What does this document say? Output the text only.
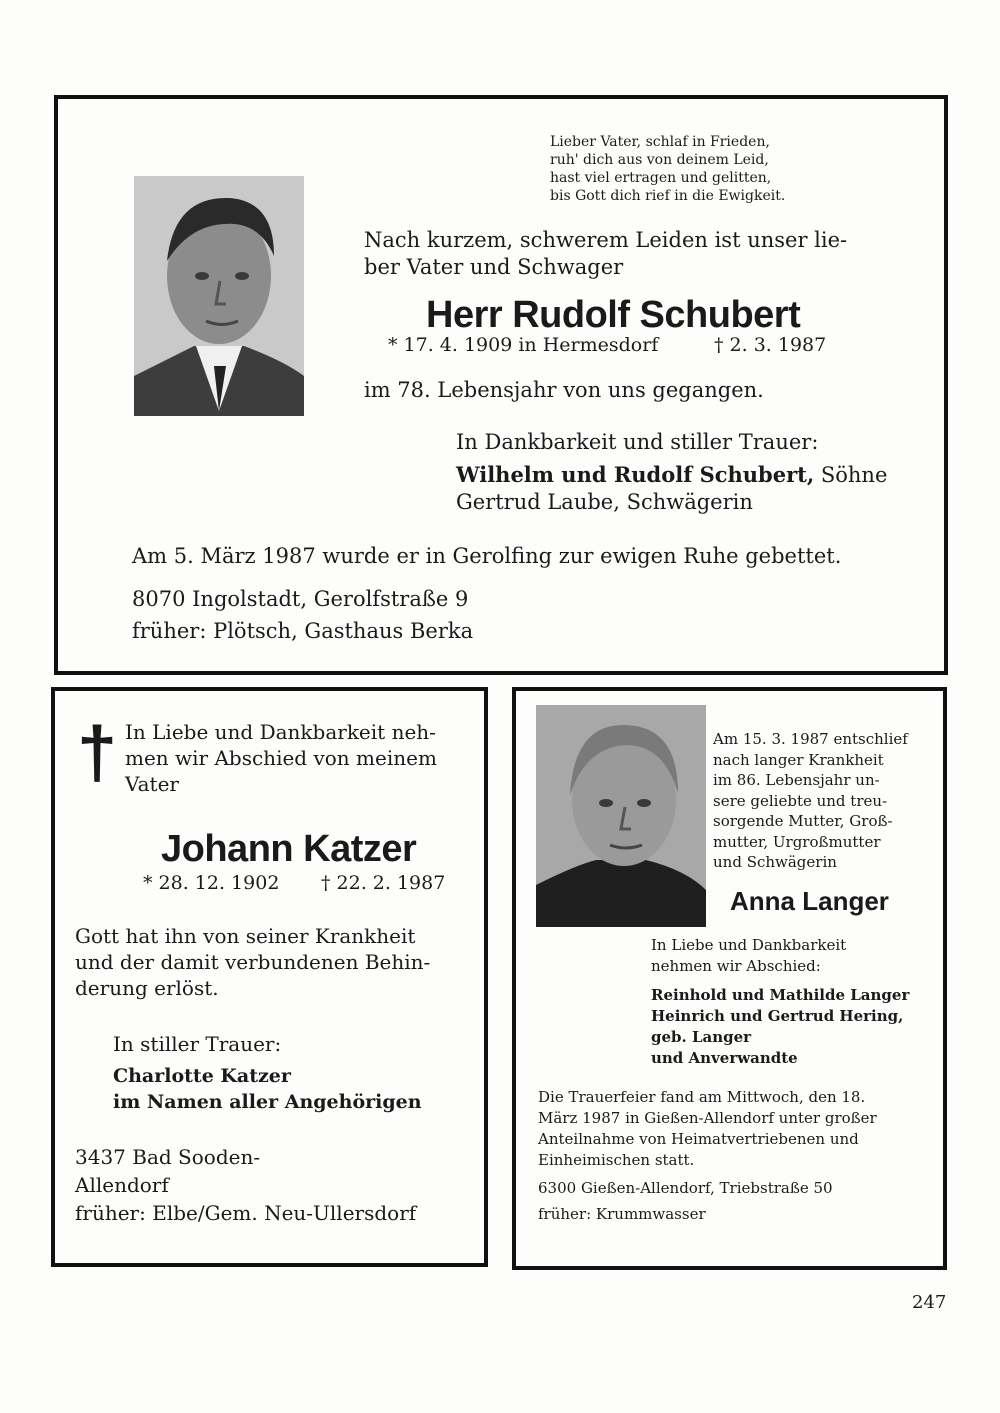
Lieber Vater, schlaf in Frieden,
ruh' dich aus von deinem Leid,
hast viel ertragen und gelitten,
bis Gott dich rief in die Ewigkeit.
Nach kurzem, schwerem Leiden ist unser lie-
ber Vater und Schwager
Herr Rudolf Schubert
* 17. 4. 1909 in Hermesdorf	† 2. 3. 1987
im 78. Lebensjahr von uns gegangen.
In Dankbarkeit und stiller Trauer:
Wilhelm und Rudolf Schubert, Söhne
Gertrud Laube, Schwägerin
Am 5. März 1987 wurde er in Gerolfing zur ewigen Ruhe gebettet.
8070 Ingolstadt, Gerolfstraße 9
früher: Plötsch, Gasthaus Berka
† In Liebe und Dankbarkeit neh-
men wir Abschied von meinem
Vater
Johann Katzer
* 28. 12. 1902 † 22. 2. 1987
Gott hat ihn von seiner Krankheit
und der damit verbundenen Behin-
derung erlöst.
In stiller Trauer:
Charlotte Katzer
im Namen aller Angehörigen
3437 Bad Sooden-
Allendorf
früher: Elbe/Gem. Neu-Ullersdorf
Am 15. 3. 1987 entschlief
nach langer Krankheit
im 86. Lebensjahr un-
sere geliebte und treu-
sorgende Mutter, Groß-
mutter, Urgroßmutter
und Schwägerin
Anna Langer
In Liebe und Dankbarkeit
nehmen wir Abschied:
Reinhold und Mathilde Langer
Heinrich und Gertrud Hering,
geb. Langer
und Anverwandte
Die Trauerfeier fand am Mittwoch, den 18.
März 1987 in Gießen-Allendorf unter großer
Anteilnahme von Heimatvertriebenen und
Einheimischen statt.
6300 Gießen-Allendorf, Triebstraße 50
früher: Krummwasser
247
